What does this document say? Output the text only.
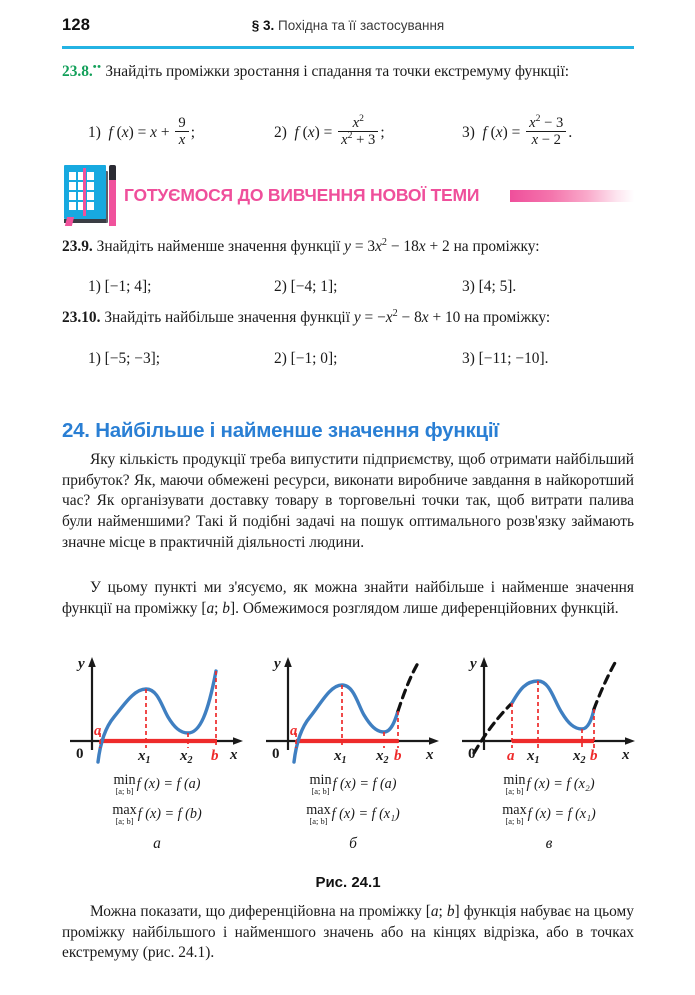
128	§ 3. Похідна та її застосування
23.8.•• Знайдіть проміжки зростання і спадання та точки екстремуму функції:
1)  f $(x) = x + \frac{9}{x}$ ;	2)  f $(x) = \frac{x^2}{x^2 + 3}$ ;	3)  f $(x) = \frac{x^2 - 3}{x - 2}$ .
ГОТУЄМОСЯ ДО ВИВЧЕННЯ НОВОЇ ТЕМИ
23.9. Знайдіть найменше значення функції $y = 3x^2 - 18x + 2$ на проміжку:
1) [−1; 4];	2) [−4; 1];	3) [4; 5].
23.10. Знайдіть найбільше значення функції $y = -x^2 - 8x + 10$ на проміжку:
1) [−5; −3];	2) [−1; 0];	3) [−11; −10].
24. Найбільше і найменше значення функції
Яку кількість продукції треба випустити підприємству, щоб отримати найбільший прибуток? Як, маючи обмежені ресурси, виконати виробниче завдання в найкоротший час? Як організувати доставку товару в торговельні точки так, щоб витрати палива були найменшими? Такі й подібні задачі на пошук оптимального розв'язку займають значне місце в практичній діяльності людини.
У цьому пункті ми з'ясуємо, як можна знайти найбільше і найменше значення функції на проміжку [a; b]. Обмежимося розглядом лише диференційовних функцій.
y
x
0
a
$x_1$ $x_2$ b
min
[a; b] f (x) = f (a)
max
[a; b] f (x) = f (b)
a
y
x
0
a
$x_1$ $x_2$ b
min
[a; b] f (x) = f (a)
max
[a; b] f (x) = f (x₁)
б
y
x
0 a $x_1$ $x_2$ b
min
[a; b] f (x) = f (x₂)
max
[a; b] f (x) = f (x₁)
в
Рис. 24.1
Можна показати, що диференційовна на проміжку [a; b] функція набуває на цьому проміжку найбільшого і найменшого значень або на кінцях відрізка, або в точках екстремуму (рис. 24.1).
